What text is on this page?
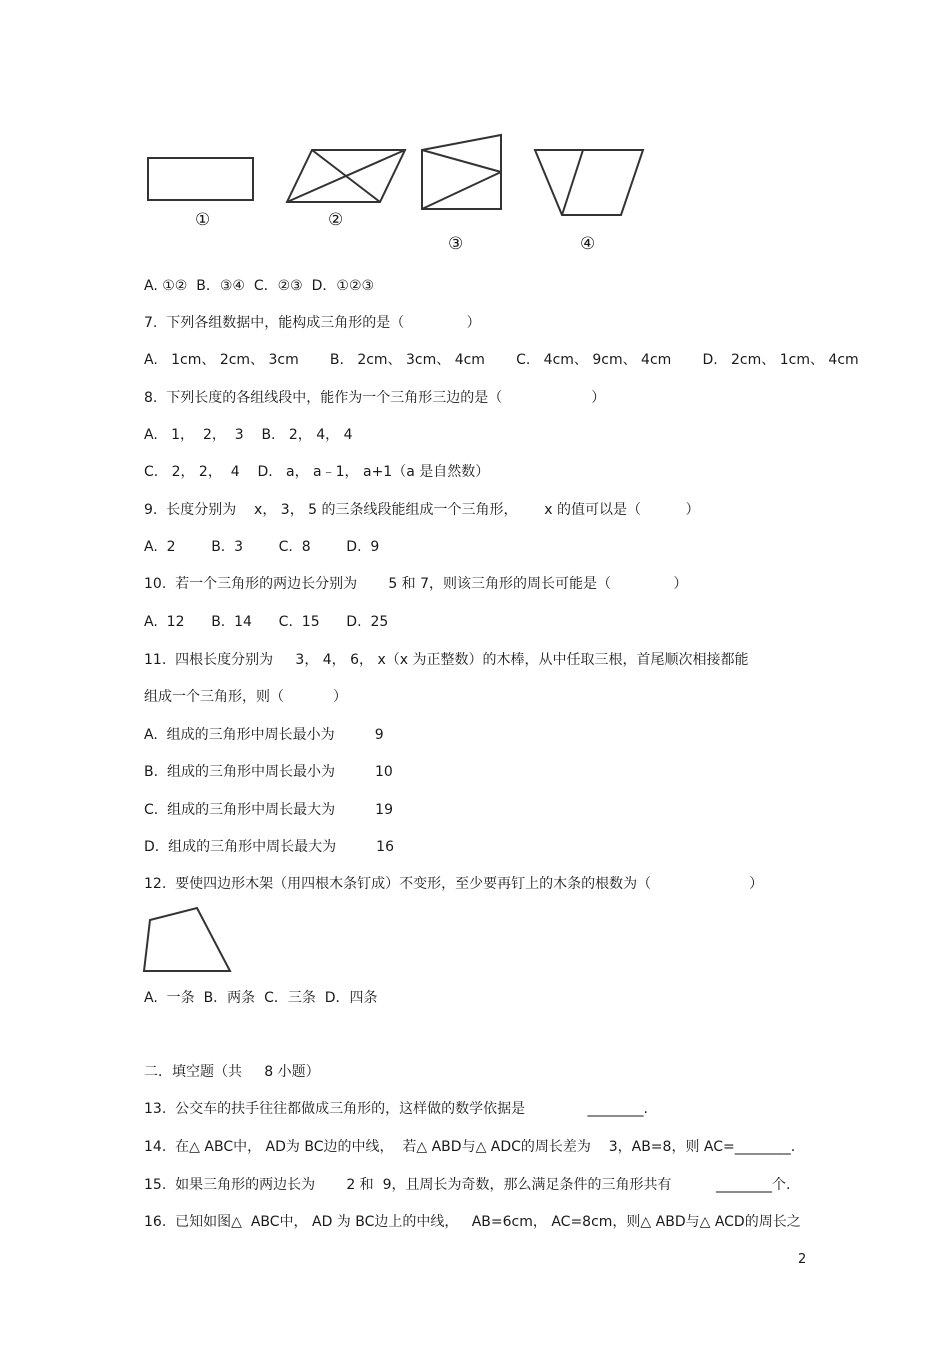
①	②
③	④
A. ①②  B．③④  C．②③  D．①②③
7.  下列各组数据中，能构成三角形的是（              ）
A.   1cm、 2cm、 3cm       B.   2cm、 3cm、 4cm       C.   4cm、 9cm、 4cm       D.   2cm、 1cm、 4cm
8.  下列长度的各组线段中，能作为一个三角形三边的是（                    ）
A.   1，  2，  3    B.   2， 4， 4
C.   2， 2，  4    D.   a， a﹣1， a+1（a 是自然数）
9.  长度分别为    x， 3， 5 的三条线段能组成一个三角形，      x 的值可以是（          ）
A.  2        B.  3        C.  8        D.  9
10.  若一个三角形的两边长分别为       5 和 7，则该三角形的周长可能是（              ）
A.  12      B.  14      C.  15      D.  25
11.  四根长度分别为     3， 4， 6， x（x 为正整数）的木棒，从中任取三根，首尾顺次相接都能
组成一个三角形，则（           ）
A.  组成的三角形中周长最小为         9
B.  组成的三角形中周长最小为         10
C.  组成的三角形中周长最大为         19
D.  组成的三角形中周长最大为         16
12.  要使四边形木架（用四根木条钉成）不变形，至少要再钉上的木条的根数为（                      ）
A.  一条  B．两条  C．三条  D．四条
二．填空题（共     8 小题）
13.  公交车的扶手往往都做成三角形的，这样做的数学依据是              ________.
14.  在△ ABC中， AD为 BC边的中线，  若△ ABD与△ ADC的周长差为    3，AB=8，则 AC=________.
15.  如果三角形的两边长为       2 和  9，且周长为奇数，那么满足条件的三角形共有          ________个.
16.  已知如图△  ABC中， AD 为 BC边上的中线，   AB=6cm， AC=8cm，则△ ABD与△ ACD的周长之
2
